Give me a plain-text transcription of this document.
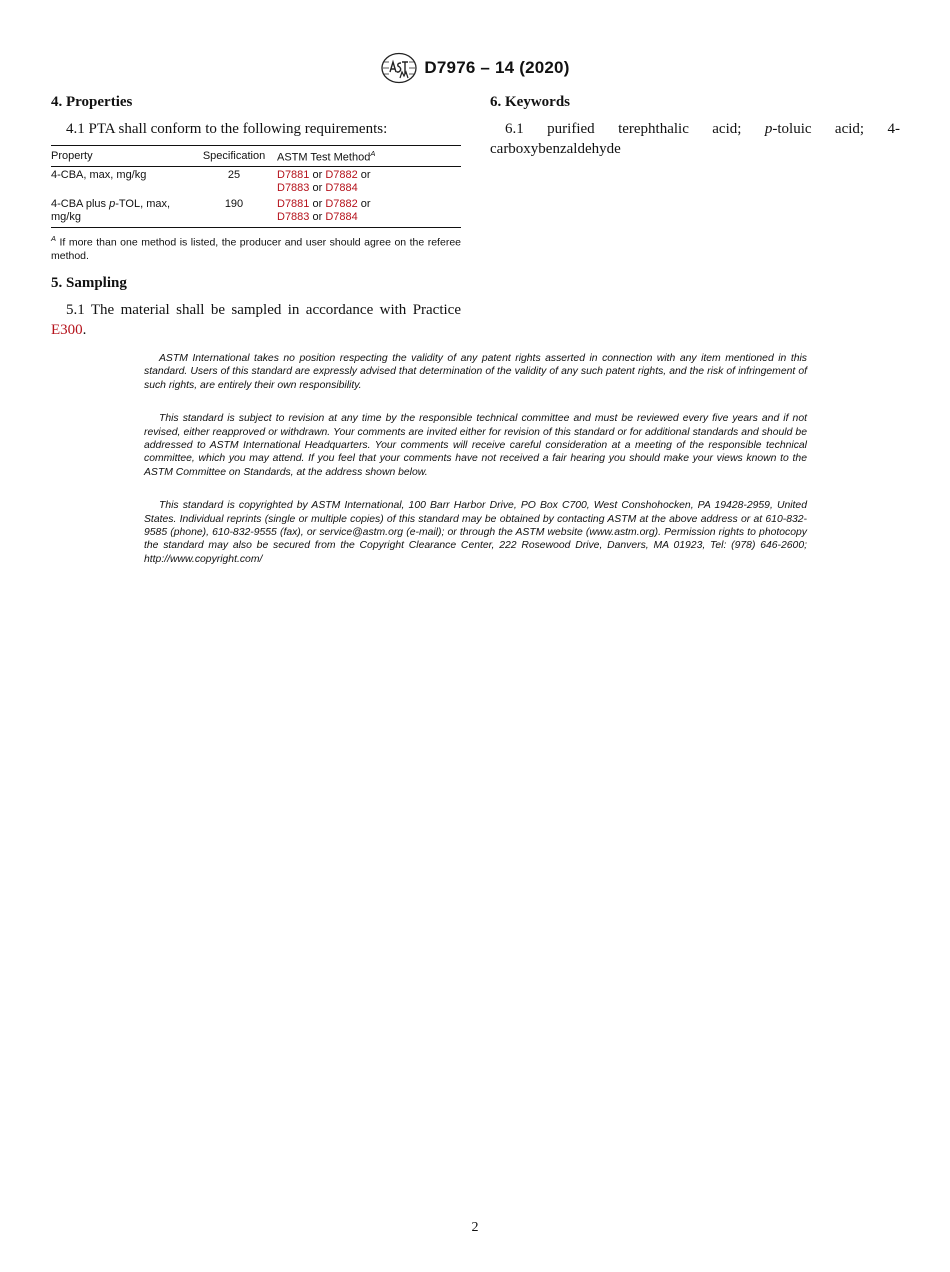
D7976 – 14 (2020)
4. Properties

4.1 PTA shall conform to the following requirements:

Property	Specification	ASTM Test Method$^A$
4-CBA, max, mg/kg	25	D7881 or D7882 or
D7883 or D7884
4-CBA plus p-TOL, max, mg/kg	190	D7881 or D7882 or
D7883 or D7884

$^A$ If more than one method is listed, the producer and user should agree on the referee method.

5. Sampling

5.1 The material shall be sampled in accordance with Practice E300.

6. Keywords

6.1 purified terephthalic acid; p-toluic acid; 4-carboxybenzaldehyde

ASTM International takes no position respecting the validity of any patent rights asserted in connection with any item mentioned in this standard. Users of this standard are expressly advised that determination of the validity of any such patent rights, and the risk of infringement of such rights, are entirely their own responsibility.

This standard is subject to revision at any time by the responsible technical committee and must be reviewed every five years and if not revised, either reapproved or withdrawn. Your comments are invited either for revision of this standard or for additional standards and should be addressed to ASTM International Headquarters. Your comments will receive careful consideration at a meeting of the responsible technical committee, which you may attend. If you feel that your comments have not received a fair hearing you should make your views known to the ASTM Committee on Standards, at the address shown below.

This standard is copyrighted by ASTM International, 100 Barr Harbor Drive, PO Box C700, West Conshohocken, PA 19428-2959, United States. Individual reprints (single or multiple copies) of this standard may be obtained by contacting ASTM at the above address or at 610-832-9585 (phone), 610-832-9555 (fax), or service@astm.org (e-mail); or through the ASTM website (www.astm.org). Permission rights to photocopy the standard may also be secured from the Copyright Clearance Center, 222 Rosewood Drive, Danvers, MA 01923, Tel: (978) 646-2600; http://www.copyright.com/

2
